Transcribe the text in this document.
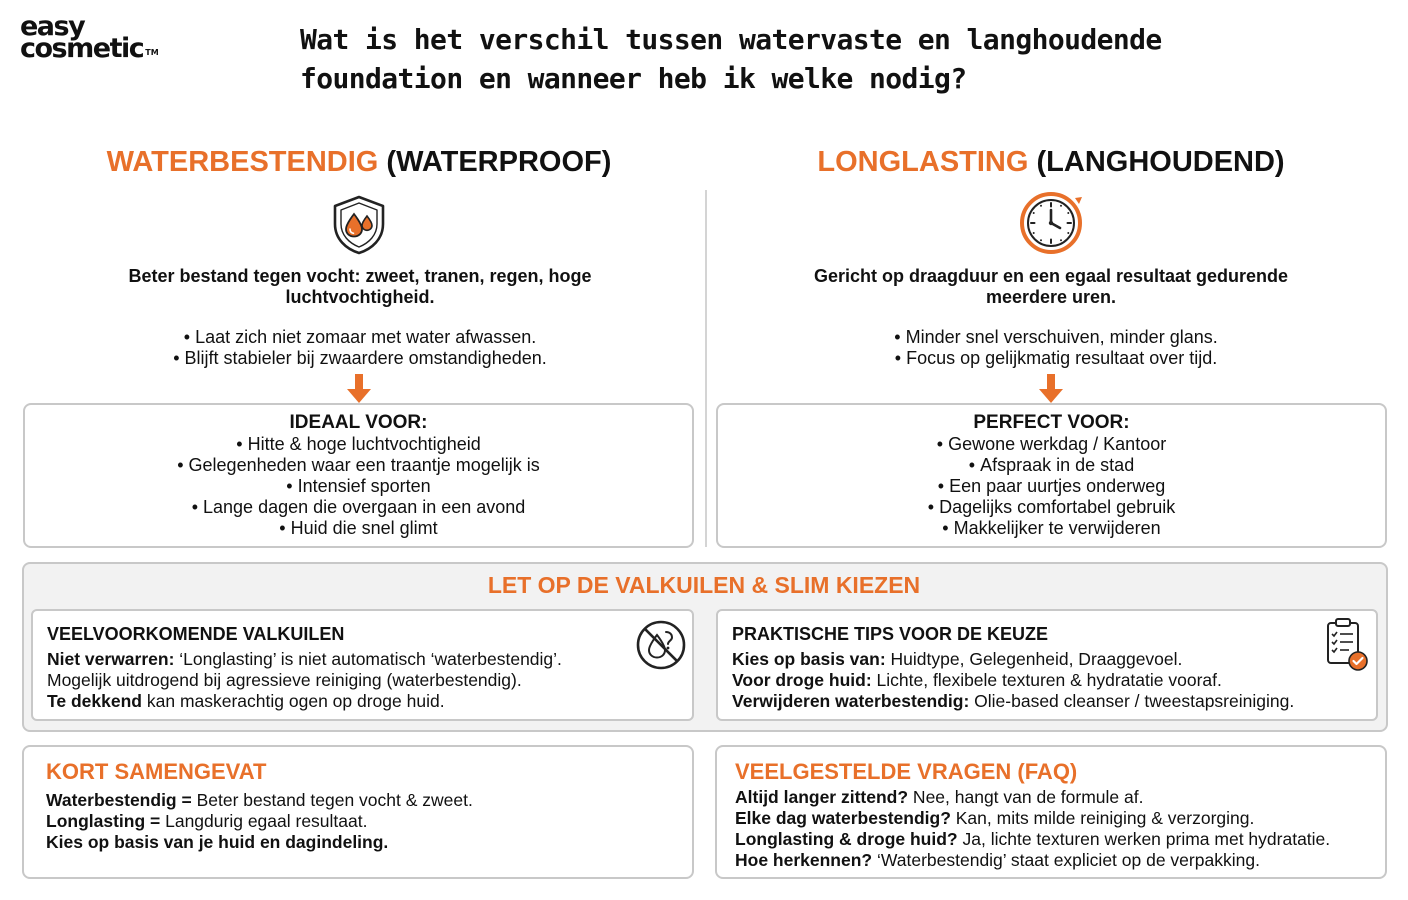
easy
cosmetic ™	Wat is het verschil tussen watervaste en langhoudende
foundation en wanneer heb ik welke nodig?
WATERBESTENDIG (WATERPROOF)	LONGLASTING (LANGHOUDEND)

Beter bestand tegen vocht: zweet, tranen, regen, hoge luchtvochtigheid.

Gericht op draagduur en een egaal resultaat gedurende meerdere uren.

• Laat zich niet zomaar met water afwassen.
• Blijft stabieler bij zwaardere omstandigheden.
• Minder snel verschuiven, minder glans.
• Focus op gelijkmatig resultaat over tijd.
IDEAAL VOOR:
• Hitte & hoge luchtvochtigheid
• Gelegenheden waar een traantje mogelijk is
• Intensief sporten
• Lange dagen die overgaan in een avond
• Huid die snel glimt
PERFECT VOOR:
• Gewone werkdag / Kantoor
• Afspraak in de stad
• Een paar uurtjes onderweg
• Dagelijks comfortabel gebruik
• Makkelijker te verwijderen
LET OP DE VALKUILEN & SLIM KIEZEN
VEELVOORKOMENDE VALKUILEN
Niet verwarren: ‘Longlasting’ is niet automatisch ‘waterbestendig’.
Mogelijk uitdrogend bij agressieve reiniging (waterbestendig).
Te dekkend kan maskerachtig ogen op droge huid.
PRAKTISCHE TIPS VOOR DE KEUZE
Kies op basis van: Huidtype, Gelegenheid, Draaggevoel.
Voor droge huid: Lichte, flexibele texturen & hydratatie vooraf.
Verwijderen waterbestendig: Olie-based cleanser / tweestapsreiniging.
KORT SAMENGEVAT
Waterbestendig = Beter bestand tegen vocht & zweet.
Longlasting = Langdurig egaal resultaat.
Kies op basis van je huid en dagindeling.
VEELGESTELDE VRAGEN (FAQ)
Altijd langer zittend? Nee, hangt van de formule af.
Elke dag waterbestendig? Kan, mits milde reiniging & verzorging.
Longlasting & droge huid? Ja, lichte texturen werken prima met hydratatie.
Hoe herkennen? ‘Waterbestendig’ staat expliciet op de verpakking.
